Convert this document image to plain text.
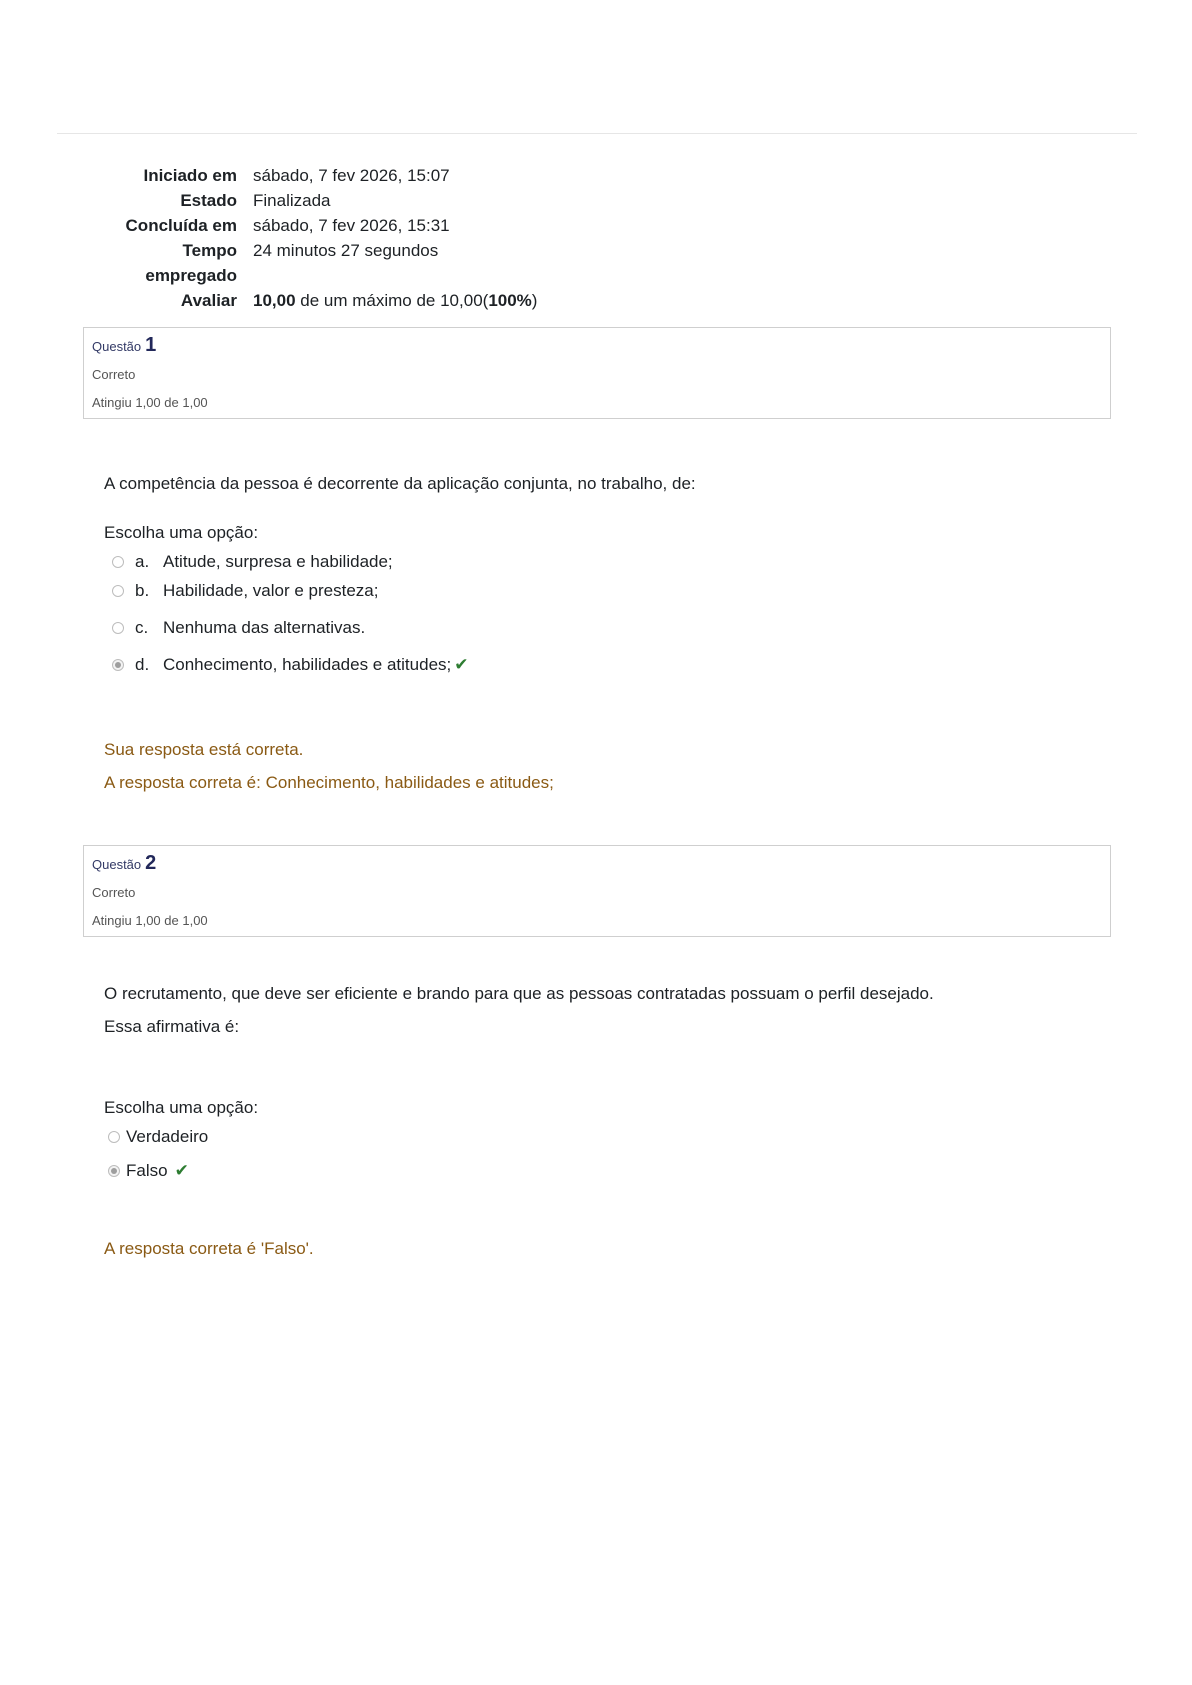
Iniciado em sábado, 7 fev 2026, 15:07
Estado Finalizada
Concluída em sábado, 7 fev 2026, 15:31
Tempo
empregado
24 minutos 27 segundos
Avaliar 10,00 de um máximo de 10,00(100%)
Questão 1
Correto
Atingiu 1,00 de 1,00
A competência da pessoa é decorrente da aplicação conjunta, no trabalho, de:
Escolha uma opção:
a. Atitude, surpresa e habilidade;
b. Habilidade, valor e presteza;
c. Nenhuma das alternativas.
d. Conhecimento, habilidades e atitudes; ✔
Sua resposta está correta.
A resposta correta é: Conhecimento, habilidades e atitudes;
Questão 2
Correto
Atingiu 1,00 de 1,00
O recrutamento, que deve ser eficiente e brando para que as pessoas contratadas possuam o perfil desejado.
Essa afirmativa é:
Escolha uma opção:
Verdadeiro
Falso ✔
A resposta correta é 'Falso'.
